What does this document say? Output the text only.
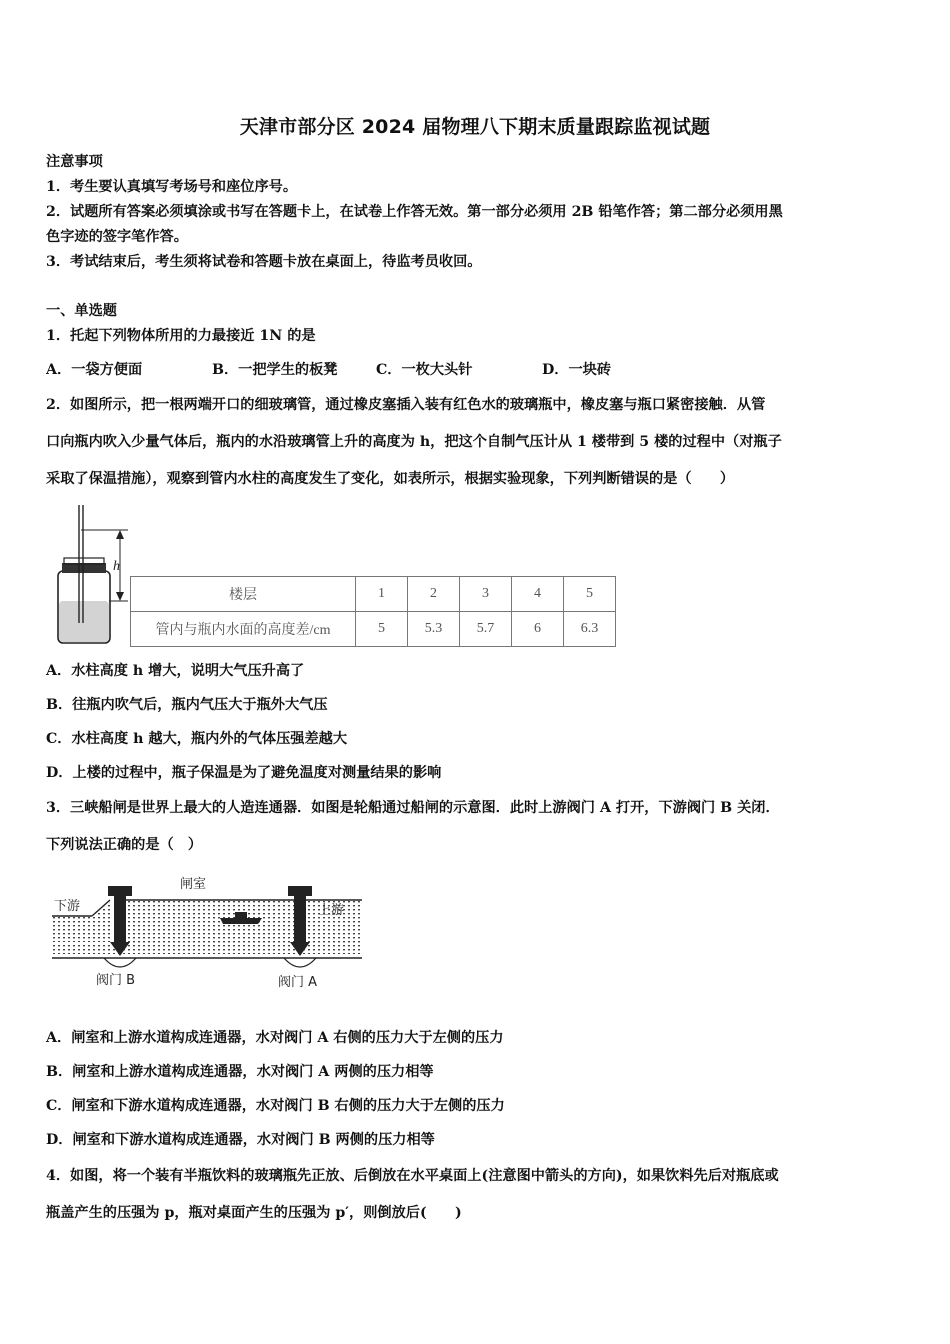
天津市部分区 2024 届物理八下期末质量跟踪监视试题
注意事项
1．考生要认真填写考场号和座位序号。
2．试题所有答案必须填涂或书写在答题卡上，在试卷上作答无效。第一部分必须用 2B 铅笔作答；第二部分必须用黑
色字迹的签字笔作答。
3．考试结束后，考生须将试卷和答题卡放在桌面上，待监考员收回。
一、单选题
1．托起下列物体所用的力最接近 1N 的是
A．一袋方便面	B．一把学生的板凳	C．一枚大头针	D．一块砖
2．如图所示，把一根两端开口的细玻璃管，通过橡皮塞插入装有红色水的玻璃瓶中，橡皮塞与瓶口紧密接触．从管
口向瓶内吹入少量气体后，瓶内的水沿玻璃管上升的高度为 h，把这个自制气压计从 1 楼带到 5 楼的过程中（对瓶子
采取了保温措施），观察到管内水柱的高度发生了变化，如表所示，根据实验现象，下列判断错误的是（　　）
h
楼层	1	2	3	4	5
管内与瓶内水面的高度差/cm	5	5.3	5.7	6	6.3
A．水柱高度 h 增大，说明大气压升高了
B．往瓶内吹气后，瓶内气压大于瓶外大气压
C．水柱高度 h 越大，瓶内外的气体压强差越大
D．上楼的过程中，瓶子保温是为了避免温度对测量结果的影响
3．三峡船闸是世界上最大的人造连通器．如图是轮船通过船闸的示意图．此时上游阀门 A 打开，下游阀门 B 关闭．
下列说法正确的是（　）
闸室
下游	上游
阀门 B	阀门 A
A．闸室和上游水道构成连通器，水对阀门 A 右侧的压力大于左侧的压力
B．闸室和上游水道构成连通器，水对阀门 A 两侧的压力相等
C．闸室和下游水道构成连通器，水对阀门 B 右侧的压力大于左侧的压力
D．闸室和下游水道构成连通器，水对阀门 B 两侧的压力相等
4．如图，将一个装有半瓶饮料的玻璃瓶先正放、后倒放在水平桌面上(注意图中箭头的方向)，如果饮料先后对瓶底或
瓶盖产生的压强为 p，瓶对桌面产生的压强为 p′，则倒放后(　　)
